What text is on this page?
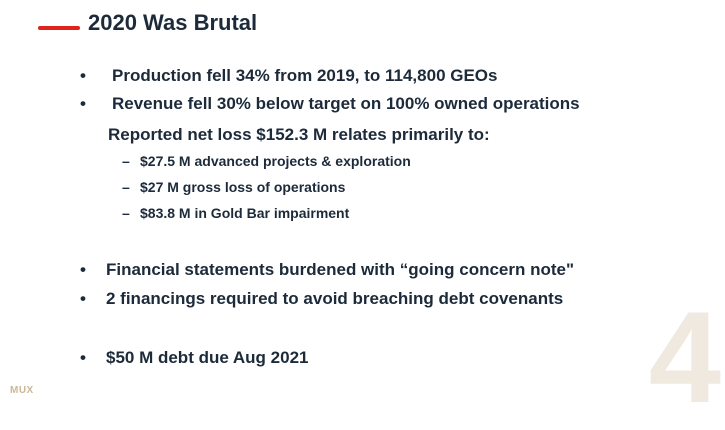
2020 Was Brutal
• Production fell 34% from 2019, to 114,800 GEOs
• Revenue fell 30% below target on 100% owned operations
Reported net loss $152.3 M relates primarily to:
– $27.5 M advanced projects & exploration
– $27 M gross loss of operations
– $83.8 M in Gold Bar impairment
• Financial statements burdened with “going concern note"
• 2 financings required to avoid breaching debt covenants
• $50 M debt due Aug 2021
MUX	4
